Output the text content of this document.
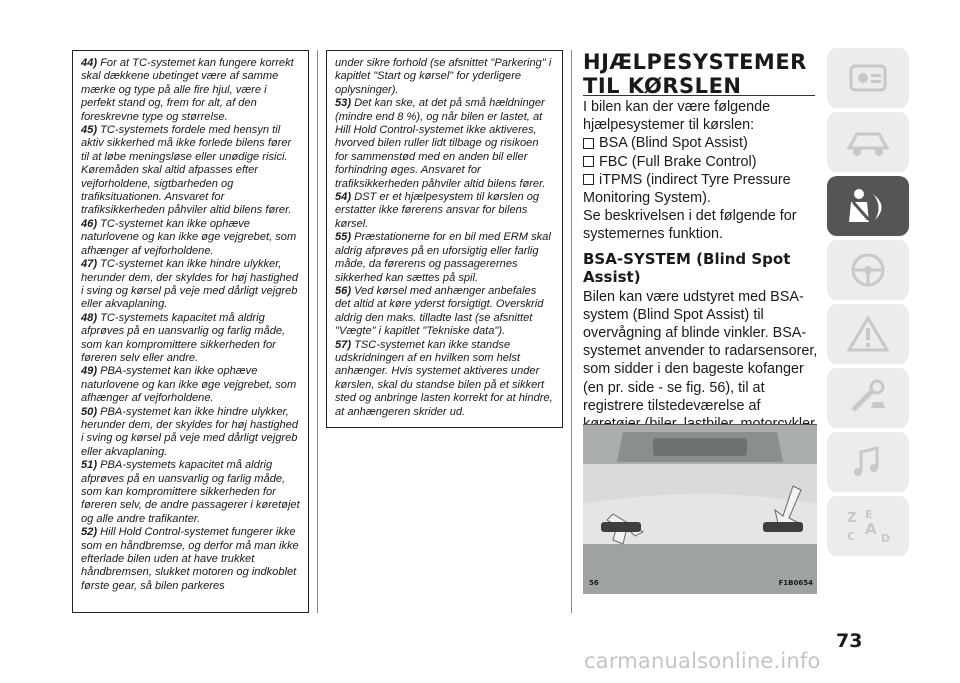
44) For at TC-systemet kan fungere korrekt skal dækkene ubetinget være af samme mærke og type på alle fire hjul, være i perfekt stand og, frem for alt, af den foreskrevne type og størrelse.

45) TC-systemets fordele med hensyn til aktiv sikkerhed må ikke forlede bilens fører til at løbe meningsløse eller unødige risici. Køremåden skal altid afpasses efter vejforholdene, sigtbarheden og trafiksituationen. Ansvaret for trafiksikkerheden påhviler altid bilens fører.

46) TC-systemet kan ikke ophæve naturlovene og kan ikke øge vejgrebet, som afhænger af vejforholdene.

47) TC-systemet kan ikke hindre ulykker, herunder dem, der skyldes for høj hastighed i sving og kørsel på veje med dårligt vejgreb eller akvaplaning.

48) TC-systemets kapacitet må aldrig afprøves på en uansvarlig og farlig måde, som kan kompromittere sikkerheden for føreren selv eller andre.

49) PBA-systemet kan ikke ophæve naturlovene og kan ikke øge vejgrebet, som afhænger af vejforholdene.

50) PBA-systemet kan ikke hindre ulykker, herunder dem, der skyldes for høj hastighed i sving og kørsel på veje med dårligt vejgreb eller akvaplaning.

51) PBA-systemets kapacitet må aldrig afprøves på en uansvarlig og farlig måde, som kan kompromittere sikkerheden for føreren selv, de andre passagerer i køretøjet og alle andre trafikanter.

52) Hill Hold Control-systemet fungerer ikke som en håndbremse, og derfor må man ikke efterlade bilen uden at have trukket håndbremsen, slukket motoren og indkoblet første gear, så bilen parkeres

under sikre forhold (se afsnittet "Parkering" i kapitlet "Start og kørsel" for yderligere oplysninger).

53) Det kan ske, at det på små hældninger (mindre end 8 %), og når bilen er lastet, at Hill Hold Control-systemet ikke aktiveres, hvorved bilen ruller lidt tilbage og risikoen for sammenstød med en anden bil eller forhindring øges. Ansvaret for trafiksikkerheden påhviler altid bilens fører.

54) DST er et hjælpesystem til kørslen og erstatter ikke førerens ansvar for bilens kørsel.

55) Præstationerne for en bil med ERM skal aldrig afprøves på en uforsigtig eller farlig måde, da førerens og passagerernes sikkerhed kan sættes på spil.

56) Ved kørsel med anhænger anbefales det altid at køre yderst forsigtigt. Overskrid aldrig den maks. tilladte last (se afsnittet "Vægte" i kapitlet "Tekniske data").

57) TSC-systemet kan ikke standse udskridningen af en hvilken som helst anhænger. Hvis systemet aktiveres under kørslen, skal du standse bilen på et sikkert sted og anbringe lasten korrekt for at hindre, at anhængeren skrider ud.

HJÆLPESYSTEMER
TIL KØRSLEN

I bilen kan der være følgende hjælpesystemer til kørslen:

BSA (Blind Spot Assist)
FBC (Full Brake Control)
iTPMS (indirect Tyre Pressure

Monitoring System).

Se beskrivelsen i det følgende for systemernes funktion.

BSA-SYSTEM (Blind Spot Assist)

Bilen kan være udstyret med BSA-system (Blind Spot Assist) til overvågning af blinde vinkler. BSA-systemet anvender to radarsensorer, som sidder i den bageste kofanger (en pr. side - se fig. 56), til at registrere tilstedeværelse af

56	F1B0654
Z E
A
C D
73
carmanualsonline.info
